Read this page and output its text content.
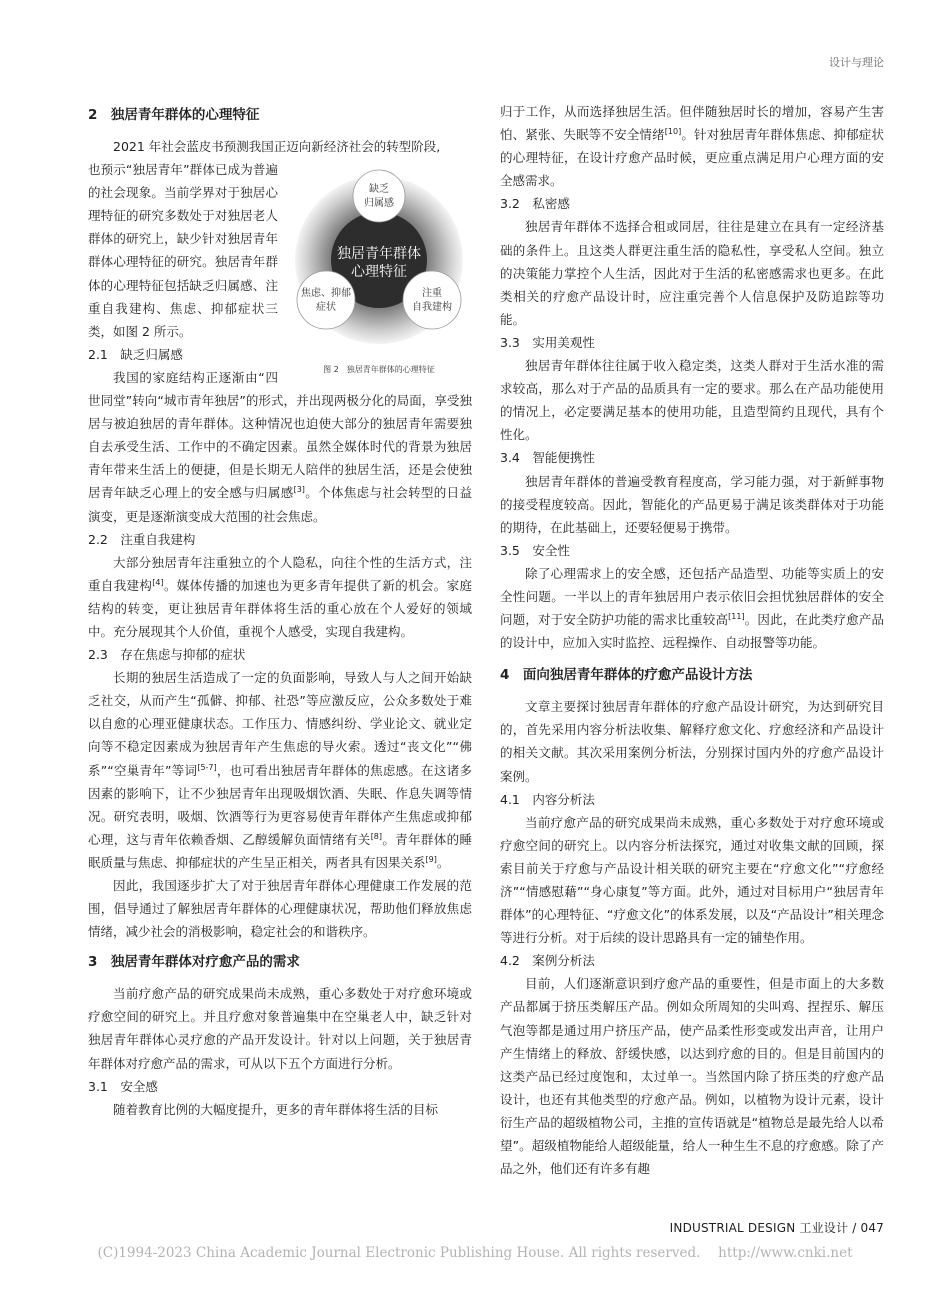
设计与理论
2　独居青年群体的心理特征

2021 年社会蓝皮书预测我国正迈向新经济社会的转型阶段,

独居青年群体
心理特征
缺乏
归属感
焦虑、抑郁
症状
注重
自我建构
图 2　独居青年群体的心理特征

也预示“独居青年”群体已成为普遍的社会现象。当前学界对于独居心理特征的研究多数处于对独居老人群体的研究上，缺少针对独居青年群体心理特征的研究。独居青年群体的心理特征包括缺乏归属感、注重自我建构、焦虑、抑郁症状三类，如图 2 所示。

2.1　缺乏归属感

我国的家庭结构正逐渐由“四世同堂”转向“城市青年独居”的形式，并出现两极分化的局面，享受独居与被迫独居的青年群体。这种情况也迫使大部分的独居青年需要独自去承受生活、工作中的不确定因素。虽然全媒体时代的背景为独居青年带来生活上的便捷，但是长期无人陪伴的独居生活，还是会使独居青年缺乏心理上的安全感与归属感[3]。个体焦虑与社会转型的日益演变，更是逐渐演变成大范围的社会焦虑。

2.2　注重自我建构

大部分独居青年注重独立的个人隐私，向往个性的生活方式，注重自我建构[4]。媒体传播的加速也为更多青年提供了新的机会。家庭结构的转变，更让独居青年群体将生活的重心放在个人爱好的领域中。充分展现其个人价值，重视个人感受，实现自我建构。

2.3　存在焦虑与抑郁的症状

长期的独居生活造成了一定的负面影响，导致人与人之间开始缺乏社交，从而产生“孤僻、抑郁、社恐”等应激反应，公众多数处于难以自愈的心理亚健康状态。工作压力、情感纠纷、学业论文、就业定向等不稳定因素成为独居青年产生焦虑的导火索。透过“丧文化”“佛系”“空巢青年”等词[5-7]，也可看出独居青年群体的焦虑感。在这诸多因素的影响下，让不少独居青年出现吸烟饮酒、失眠、作息失调等情况。研究表明，吸烟、饮酒等行为更容易使青年群体产生焦虑或抑郁心理，这与青年依赖香烟、乙醇缓解负面情绪有关[8]。青年群体的睡眠质量与焦虑、抑郁症状的产生呈正相关，两者具有因果关系[9]。

因此，我国逐步扩大了对于独居青年群体心理健康工作发展的范围，倡导通过了解独居青年群体的心理健康状况，帮助他们释放焦虑情绪，减少社会的消极影响，稳定社会的和谐秩序。

3　独居青年群体对疗愈产品的需求

当前疗愈产品的研究成果尚未成熟，重心多数处于对疗愈环境或疗愈空间的研究上。并且疗愈对象普遍集中在空巢老人中，缺乏针对独居青年群体心灵疗愈的产品开发设计。针对以上问题，关于独居青年群体对疗愈产品的需求，可从以下五个方面进行分析。

3.1　安全感

随着教育比例的大幅度提升，更多的青年群体将生活的目标

归于工作，从而选择独居生活。但伴随独居时长的增加，容易产生害怕、紧张、失眠等不安全情绪[10]。针对独居青年群体焦虑、抑郁症状的心理特征，在设计疗愈产品时候，更应重点满足用户心理方面的安全感需求。

3.2　私密感

独居青年群体不选择合租或同居，往往是建立在具有一定经济基础的条件上。且这类人群更注重生活的隐私性，享受私人空间。独立的决策能力掌控个人生活，因此对于生活的私密感需求也更多。在此类相关的疗愈产品设计时，应注重完善个人信息保护及防追踪等功能。

3.3　实用美观性

独居青年群体往往属于收入稳定类，这类人群对于生活水准的需求较高，那么对于产品的品质具有一定的要求。那么在产品功能使用的情况上，必定要满足基本的使用功能，且造型简约且现代，具有个性化。

3.4　智能便携性

独居青年群体的普遍受教育程度高，学习能力强，对于新鲜事物的接受程度较高。因此，智能化的产品更易于满足该类群体对于功能的期待，在此基础上，还要轻便易于携带。

3.5　安全性

除了心理需求上的安全感，还包括产品造型、功能等实质上的安全性问题。一半以上的青年独居用户表示依旧会担忧独居群体的安全问题，对于安全防护功能的需求比重较高[11]。因此，在此类疗愈产品的设计中，应加入实时监控、远程操作、自动报警等功能。

4　面向独居青年群体的疗愈产品设计方法

文章主要探讨独居青年群体的疗愈产品设计研究，为达到研究目的，首先采用内容分析法收集、解释疗愈文化、疗愈经济和产品设计的相关文献。其次采用案例分析法，分别探讨国内外的疗愈产品设计案例。

4.1　内容分析法

当前疗愈产品的研究成果尚未成熟，重心多数处于对疗愈环境或疗愈空间的研究上。以内容分析法探究，通过对收集文献的回顾，探索目前关于疗愈与产品设计相关联的研究主要在“疗愈文化”“疗愈经济”“情感慰藉”“身心康复”等方面。此外，通过对目标用户“独居青年群体”的心理特征、“疗愈文化”的体系发展，以及“产品设计”相关理念等进行分析。对于后续的设计思路具有一定的铺垫作用。

4.2　案例分析法

目前，人们逐渐意识到疗愈产品的重要性，但是市面上的大多数产品都属于挤压类解压产品。例如众所周知的尖叫鸡、捏捏乐、解压气泡等都是通过用户挤压产品，使产品柔性形变或发出声音，让用户产生情绪上的释放、舒缓快感，以达到疗愈的目的。但是目前国内的这类产品已经过度饱和，太过单一。当然国内除了挤压类的疗愈产品设计，也还有其他类型的疗愈产品。例如，以植物为设计元素，设计衍生产品的超级植物公司，主推的宣传语就是“植物总是最先给人以希望”。超级植物能给人超级能量，给人一种生生不息的疗愈感。除了产品之外，他们还有许多有趣

INDUSTRIAL DESIGN 工业设计 / 047
(C)1994-2023 China Academic Journal Electronic Publishing House. All rights reserved.　 http://www.cnki.net
